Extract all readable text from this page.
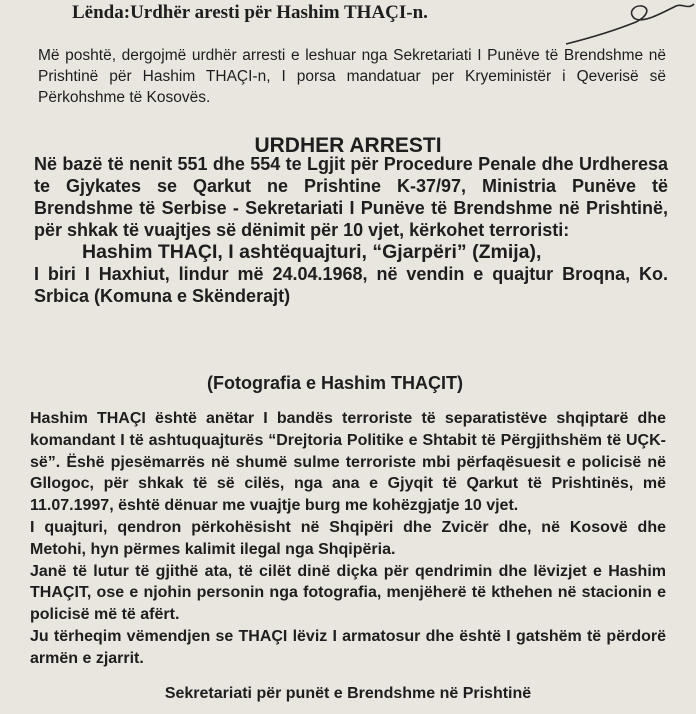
Lënda:Urdhër aresti për Hashim THAÇI-n.
Më poshtë, dergojmë urdhër arresti e leshuar nga Sekretariati I Punëve të Brendshme në Prishtinë për Hashim THAÇI-n, I porsa mandatuar per Kryeministër i Qeverisë së Përkohshme të Kosovës.
URDHER ARRESTI

Në bazë të nenit 551 dhe 554 te Lgjit për Procedure Penale dhe Urdheresa te Gjykates se Qarkut ne Prishtine K-37/97, Ministria Punëve të Brendshme të Serbise - Sekretariati I Punëve të Brendshme në Prishtinë, për shkak të vuajtjes së dënimit për 10 vjet, kërkohet terroristi:

Hashim THAÇI, I ashtëquajturi, “Gjarpëri” (Zmija),

I biri I Haxhiut, lindur më 24.04.1968, në vendin e quajtur Broqna, Ko. Srbica (Komuna e Skënderajt)

(Fotografia e Hashim THAÇIT)

Hashim THAÇI është anëtar I bandës terroriste të separatistëve shqiptarë dhe komandant I të ashtuquajturës “Drejtoria Politike e Shtabit të Përgjithshëm të UÇK-së”. Ëshë pjesëmarrës në shumë sulme terroriste mbi përfaqësuesit e policisë në Gllogoc, për shkak të së cilës, nga ana e Gjyqit të Qarkut të Prishtinës, më 11.07.1997, është dënuar me vuajtje burg me kohëzgjatje 10 vjet.

I quajturi, qendron përkohësisht në Shqipëri dhe Zvicër dhe, në Kosovë dhe Metohi, hyn përmes kalimit ilegal nga Shqipëria.

Janë të lutur të gjithë ata, të cilët dinë diçka për qendrimin dhe lëvizjet e Hashim THAÇIT, ose e njohin personin nga fotografia, menjëherë të kthehen në stacionin e policisë më të afërt.

Ju tërheqim vëmendjen se THAÇI lëviz I armatosur dhe është I gatshëm të përdorë armën e zjarrit.

Sekretariati për punët e Brendshme në Prishtinë
